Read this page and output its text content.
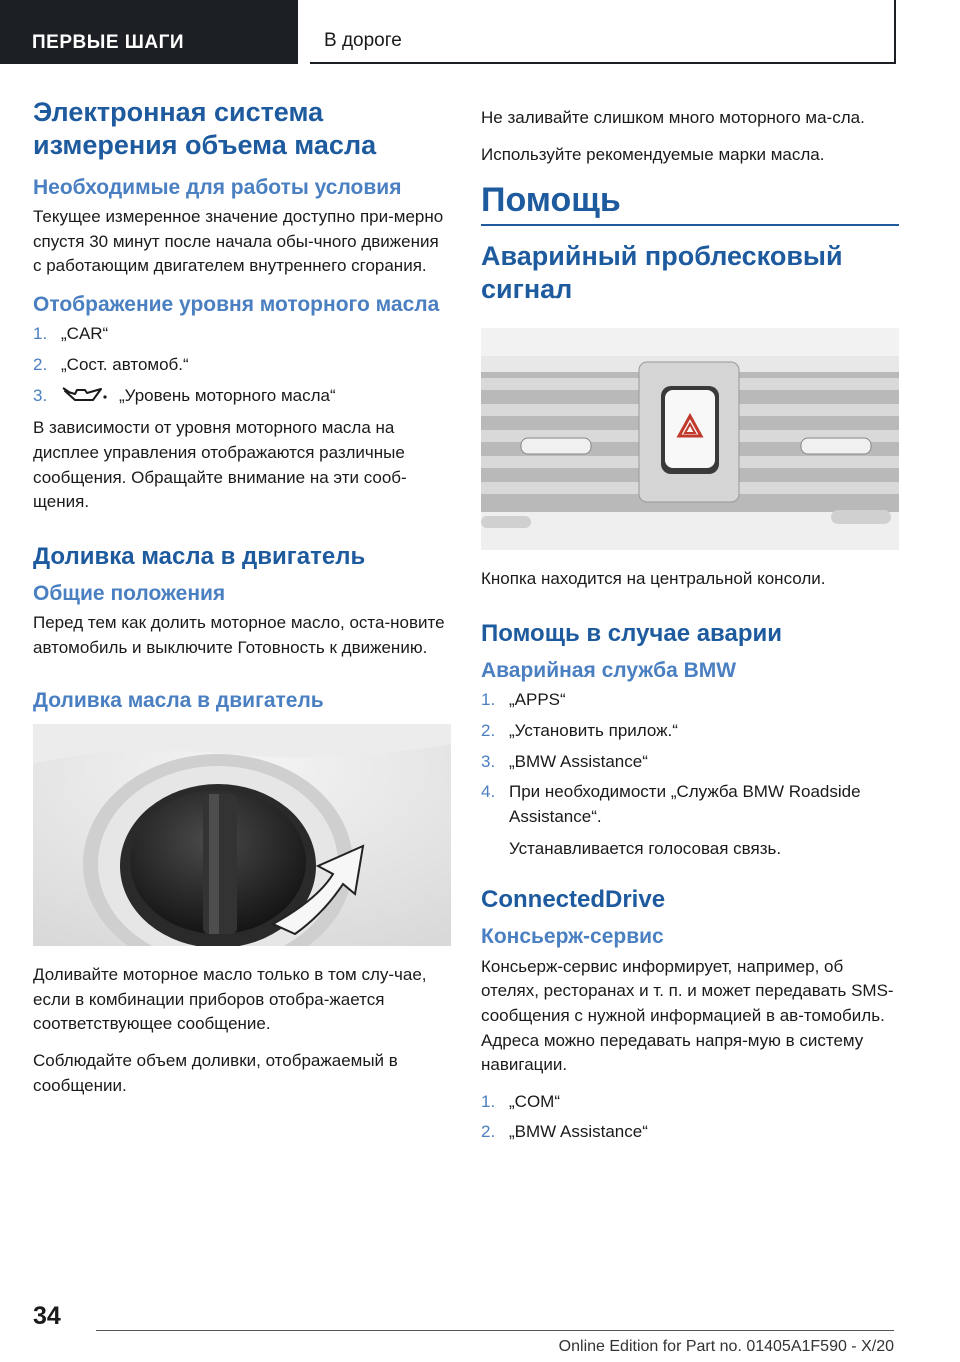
ПЕРВЫЕ ШАГИ	В дороге
Электронная система измерения объема масла
Необходимые для работы условия

Текущее измеренное значение доступно при-мерно спустя 30 минут после начала обы-чного движения с работающим двигателем внутреннего сгорания.

Отображение уровня моторного масла
1. „CAR“
2. „Сост. автомоб.“
3.	„Уровень моторного масла“

В зависимости от уровня моторного масла на дисплее управления отображаются различные сообщения. Обращайте внимание на эти сооб-щения.

Доливка масла в двигатель
Общие положения

Перед тем как долить моторное масло, оста-новите автомобиль и выключите Готовность к движению.

Доливка масла в двигатель

Доливайте моторное масло только в том слу-чае, если в комбинации приборов отобра-жается соответствующее сообщение.

Соблюдайте объем доливки, отображаемый в сообщении.

Не заливайте слишком много моторного ма-сла.

Используйте рекомендуемые марки масла.

Помощь
Аварийный проблесковый сигнал

Кнопка находится на центральной консоли.

Помощь в случае аварии
Аварийная служба BMW
1. „APPS“
2. „Установить прилож.“
3. „BMW Assistance“
4. При необходимости „Служба BMW Roadside Assistance“.
Устанавливается голосовая связь.
ConnectedDrive
Консьерж-сервис

Консьерж-сервис информирует, например, об отелях, ресторанах и т. п. и может передавать SMS-сообщения с нужной информацией в ав-томобиль. Адреса можно передавать напря-мую в систему навигации.

1. „COM“
2. „BMW Assistance“
34
Online Edition for Part no. 01405A1F590 - X/20
